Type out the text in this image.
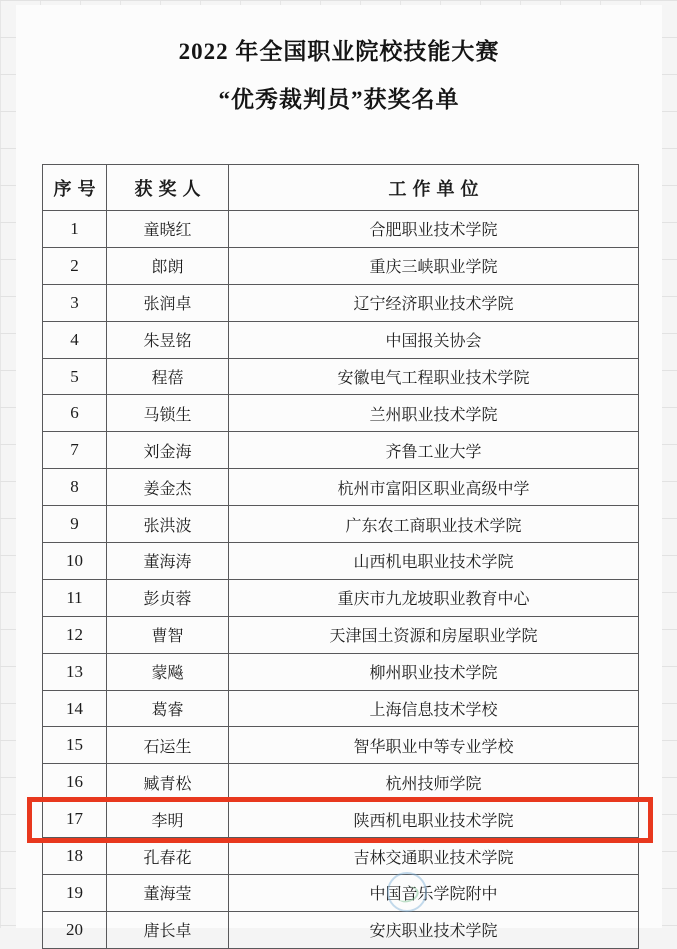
2022 年全国职业院校技能大赛

“优秀裁判员”获奖名单

序号	获奖人	工作单位
1	童晓红	合肥职业技术学院
2	郎朗	重庆三峡职业学院
3	张润卓	辽宁经济职业技术学院
4	朱昱铭	中国报关协会
5	程蓓	安徽电气工程职业技术学院
6	马锁生	兰州职业技术学院
7	刘金海	齐鲁工业大学
8	姜金杰	杭州市富阳区职业高级中学
9	张洪波	广东农工商职业技术学院
10	董海涛	山西机电职业技术学院
11	彭贞蓉	重庆市九龙坡职业教育中心
12	曹智	天津国土资源和房屋职业学院
13	蒙飚	柳州职业技术学院
14	葛睿	上海信息技术学校
15	石运生	智华职业中等专业学校
16	臧青松	杭州技师学院
17	李明	陕西机电职业技术学院
18	孔春花	吉林交通职业技术学院
19	董海莹	中国音乐学院附中
20	唐长卓	安庆职业技术学院
